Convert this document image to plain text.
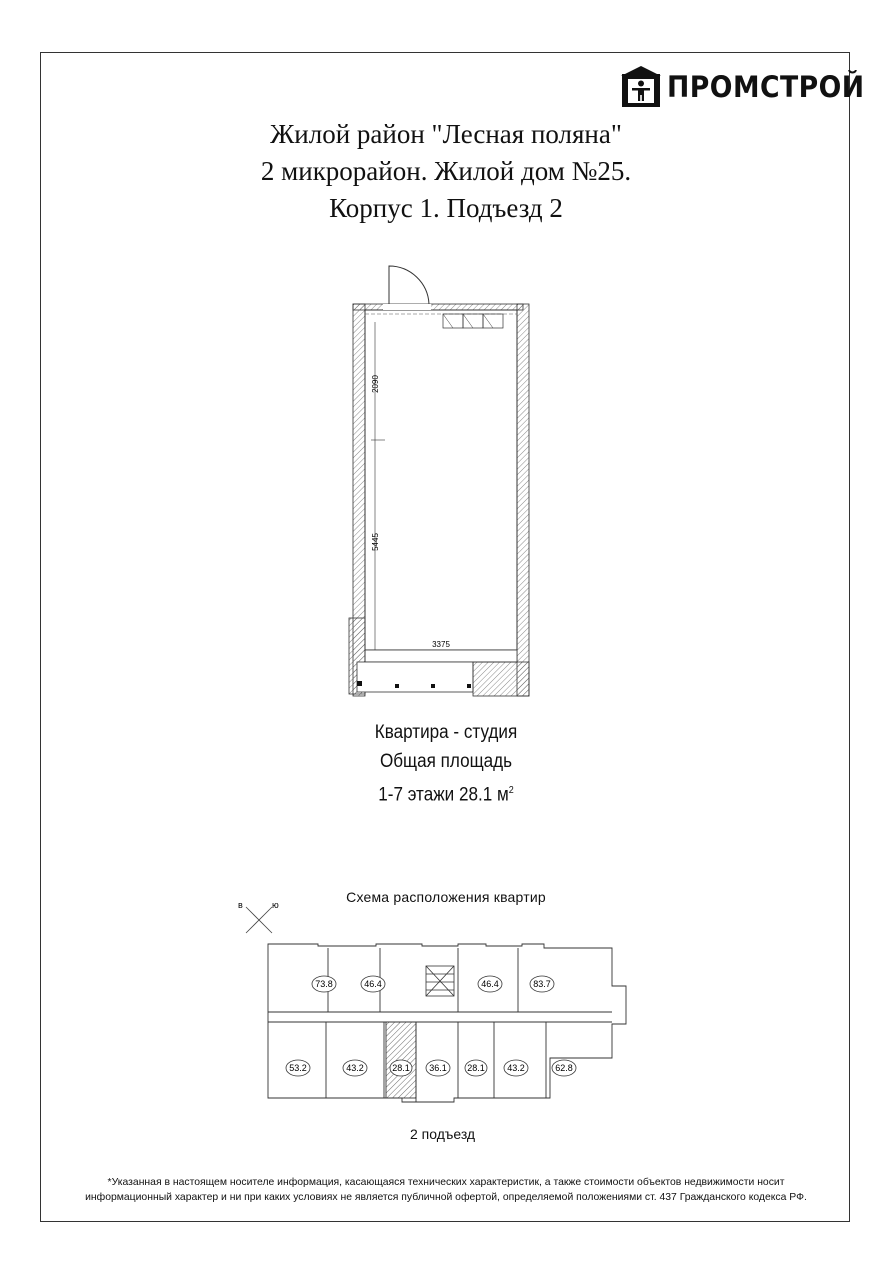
ПРОМСТРОЙ
Жилой район "Лесная поляна"
2 микрорайон. Жилой дом №25.
Корпус 1. Подъезд 2
2090
5445
3375
Квартира - студия
Общая площадь
1-7 этажи 28.1 $м^2$
Схема расположения квартир
в	ю
73.8	46.4	46.4	83.7
53.2	43.2	28.1 36.1 28.1 43.2	62.8
2 подъезд
*Указанная в настоящем носителе информация, касающаяся технических характеристик, а также стоимости объектов недвижимости носит
информационный характер и ни при каких условиях не является публичной офертой, определяемой положениями ст. 437 Гражданского кодекса РФ.
